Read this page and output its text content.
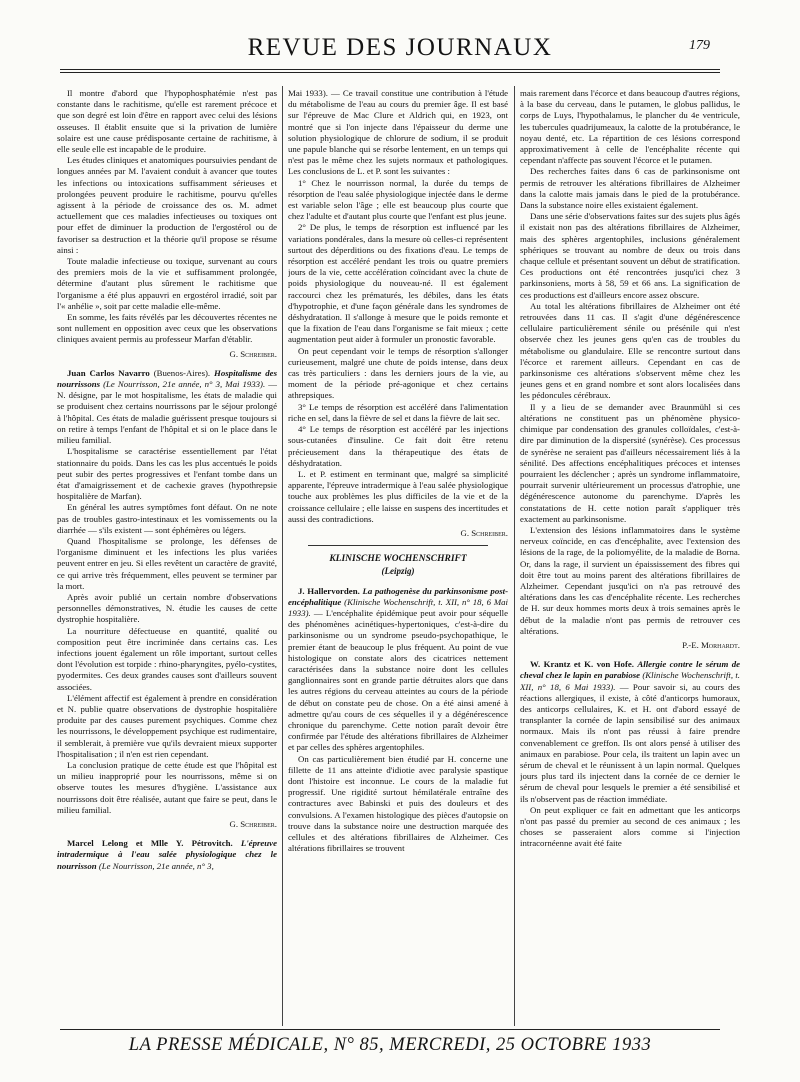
REVUE DES JOURNAUX	179

Il montre d'abord que l'hypophosphatémie n'est pas constante dans le rachitisme, qu'elle est rarement précoce et que son degré est loin d'être en rapport avec celui des lésions osseuses. Il établit ensuite que si la privation de lumière solaire est une cause prédisposante certaine de rachitisme, à elle seule elle est incapable de le produire.

Les études cliniques et anatomiques poursuivies pendant de longues années par M. l'avaient conduit à avancer que toutes les infections ou intoxications suffisamment sérieuses et prolongées peuvent produire le rachitisme, pourvu qu'elles agissent à la période de croissance des os. M. admet actuellement que ces maladies infectieuses ou toxiques ont pour effet de diminuer la production de l'ergostérol ou de favoriser sa destruction et la théorie qu'il propose se résume ainsi :

Toute maladie infectieuse ou toxique, survenant au cours des premiers mois de la vie et suffisamment prolongée, détermine d'autant plus sûrement le rachitisme que l'organisme a été plus appauvri en ergostérol irradié, soit par l'« anhélie », soit par cette maladie elle-même.

En somme, les faits révélés par les découvertes récentes ne sont nullement en opposition avec ceux que les observations cliniques avaient permis au professeur Marfan d'établir.

G. Schreiber.

Juan Carlos Navarro (Buenos-Aires). Hospitalisme des nourrissons (Le Nourrisson, 21e année, n° 3, Mai 1933). — N. désigne, par le mot hospitalisme, les états de maladie qui se produisent chez certains nourrissons par le séjour prolongé à l'hôpital. Ces états de maladie guérissent presque toujours si on retire à temps l'enfant de l'hôpital et si on le place dans le milieu familial.

L'hospitalisme se caractérise essentiellement par l'état stationnaire du poids. Dans les cas les plus accentués le poids peut subir des pertes progressives et l'enfant tombe dans un état d'amaigrissement et de cachexie graves (hypothrepsie hospitalière de Marfan).

En général les autres symptômes font défaut. On ne note pas de troubles gastro-intestinaux et les vomissements ou la diarrhée — s'ils existent — sont éphémères ou légers.

Quand l'hospitalisme se prolonge, les défenses de l'organisme diminuent et les infections les plus variées peuvent entrer en jeu. Si elles revêtent un caractère de gravité, ce qui arrive très fréquemment, elles peuvent se terminer par la mort.

Après avoir publié un certain nombre d'observations personnelles démonstratives, N. étudie les causes de cette dystrophie hospitalière.

La nourriture défectueuse en quantité, qualité ou composition peut être incriminée dans certains cas. Les infections jouent également un rôle important, surtout celles dont l'évolution est torpide : rhino-pharyngites, pyélo-cystites, pyodermites. Ces deux grandes causes sont d'ailleurs souvent associées.

L'élément affectif est également à prendre en considération et N. publie quatre observations de dystrophie hospitalière produite par des causes purement psychiques. Comme chez les nourrissons, le développement psychique est rudimentaire, il semblerait, à première vue qu'ils devraient mieux supporter l'hospitalisation ; il n'en est rien cependant.

La conclusion pratique de cette étude est que l'hôpital est un milieu inapproprié pour les nourrissons, même si on observe toutes les mesures d'hygiène. L'assistance aux nourrissons doit être réalisée, autant que faire se peut, dans le milieu familial.

G. Schreiber.

Marcel Lelong et Mlle Y. Pétrovitch. L'épreuve intradermique à l'eau salée physiologique chez le nourrisson (Le Nourrisson, 21e année, n° 3,

Mai 1933). — Ce travail constitue une contribution à l'étude du métabolisme de l'eau au cours du premier âge. Il est basé sur l'épreuve de Mac Clure et Aldrich qui, en 1923, ont montré que si l'on injecte dans l'épaisseur du derme une solution physiologique de chlorure de sodium, il se produit une papule blanche qui se résorbe lentement, en un temps qui n'est pas le même chez les sujets normaux et pathologiques. Les conclusions de L. et P. sont les suivantes :

1° Chez le nourrisson normal, la durée du temps de résorption de l'eau salée physiologique injectée dans le derme est variable selon l'âge ; elle est beaucoup plus courte que chez l'adulte et d'autant plus courte que l'enfant est plus jeune.

2° De plus, le temps de résorption est influencé par les variations pondérales, dans la mesure où celles-ci représentent surtout des déperditions ou des fixations d'eau. Le temps de résorption est accéléré pendant les trois ou quatre premiers jours de la vie, cette accélération coïncidant avec la chute de poids physiologique du nouveau-né. Il est également raccourci chez les prématurés, les débiles, dans les états d'hypotrophie, et d'une façon générale dans les syndromes de déshydratation. Il s'allonge à mesure que le poids remonte et que la fixation de l'eau dans l'organisme se fait mieux ; cette augmentation peut aider à formuler un pronostic favorable.

On peut cependant voir le temps de résorption s'allonger curieusement, malgré une chute de poids intense, dans deux cas très particuliers : dans les derniers jours de la vie, au moment de la période pré-agonique et chez certains athrepsiques.

3° Le temps de résorption est accéléré dans l'alimentation riche en sel, dans la fièvre de sel et dans la fièvre de lait sec.

4° Le temps de résorption est accéléré par les injections sous-cutanées d'insuline. Ce fait doit être retenu précieusement dans la thérapeutique des états de déshydratation.

L. et P. estiment en terminant que, malgré sa simplicité apparente, l'épreuve intradermique à l'eau salée physiologique touche aux problèmes les plus difficiles de la vie et de la croissance cellulaire ; elle laisse en suspens des incertitudes et aussi des contradictions.

G. Schreiber.

KLINISCHE WOCHENSCHRIFT
(Leipzig)

J. Hallervorden. La pathogenèse du parkinsonisme post-encéphalitique (Klinische Wochenschrift, t. XII, n° 18, 6 Mai 1933). — L'encéphalite épidémique peut avoir pour séquelle des phénomènes acinétiques-hypertoniques, c'est-à-dire du parkinsonisme ou un syndrome pseudo-psychopathique, le premier étant de beaucoup le plus fréquent. Au point de vue histologique on constate alors des cicatrices nettement caractérisées dans la substance noire dont les cellules ganglionnaires sont en grande partie détruites alors que dans les autres régions du cerveau atteintes au cours de la période de début on constate peu de chose. On a été ainsi amené à admettre qu'au cours de ces séquelles il y a dégénérescence chronique du parenchyme. Cette notion paraît devoir être confirmée par l'étude des altérations fibrillaires de Alzheimer et par celles des sphères argentophiles.

On cas particulièrement bien étudié par H. concerne une fillette de 11 ans atteinte d'idiotie avec paralysie spastique dont l'histoire est inconnue. Le cours de la maladie fut progressif. Une rigidité surtout hémilatérale entraîne des contractures avec Babinski et puis des douleurs et des convulsions. A l'examen histologique des pièces d'autopsie on trouve dans la substance noire une destruction marquée des cellules et des altérations fibrillaires de Alzheimer. Ces altérations fibrillaires se trouvent

mais rarement dans l'écorce et dans beaucoup d'autres régions, à la base du cerveau, dans le putamen, le globus pallidus, le corps de Luys, l'hypothalamus, le plancher du 4e ventricule, les tubercules quadrijumeaux, la calotte de la protubérance, le noyau denté, etc. La répartition de ces lésions correspond approximativement à celle de l'encéphalite récente qui cependant n'affecte pas souvent l'écorce et le putamen.

Des recherches faites dans 6 cas de parkinsonisme ont permis de retrouver les altérations fibrillaires de Alzheimer dans la calotte mais jamais dans le pied de la protubérance. Dans la substance noire elles existaient également.

Dans une série d'observations faites sur des sujets plus âgés il existait non pas des altérations fibrillaires de Alzheimer, mais des sphères argentophiles, inclusions généralement sphériques se trouvant au nombre de deux ou trois dans chaque cellule et présentant souvent un début de stratification. Ces productions ont été rencontrées jusqu'ici chez 3 parkinsoniens, morts à 58, 59 et 66 ans. La signification de ces productions est d'ailleurs encore assez obscure.

Au total les altérations fibrillaires de Alzheimer ont été retrouvées dans 11 cas. Il s'agit d'une dégénérescence cellulaire particulièrement sénile ou présénile qui n'est observée chez les jeunes gens qu'en cas de troubles du métabolisme ou glandulaire. Elle se rencontre surtout dans l'écorce et rarement ailleurs. Cependant en cas de parkinsonisme ces altérations s'observent même chez les jeunes gens et en grand nombre et sont alors localisées dans les pédoncules cérébraux.

Il y a lieu de se demander avec Braunmühl si ces altérations ne constituent pas un phénomène physico-chimique par condensation des granules colloïdales, c'est-à-dire par diminution de la dispersité (synérèse). Ces processus de synérèse ne seraient pas d'ailleurs nécessairement liés à la sénilité. Des affections encéphalitiques précoces et intenses pourraient les déclencher ; après un syndrome inflammatoire, pourrait survenir ultérieurement un processus d'atrophie, une dégénérescence autonome du parenchyme. D'après les constatations de H. cette notion paraît s'appliquer très exactement au parkinsonisme.

L'extension des lésions inflammatoires dans le système nerveux coïncide, en cas d'encéphalite, avec l'extension des lésions de la rage, de la poliomyélite, de la maladie de Borna. Or, dans la rage, il survient un épaississement des fibres qui doit être tout au moins parent des altérations fibrillaires de Alzheimer. Cependant jusqu'ici on n'a pas retrouvé des altérations dans les cas d'encéphalite récente. Les recherches de H. sur deux hommes morts deux à trois semaines après le début de la maladie n'ont pas permis de retrouver ces altérations.

P.-E. Morhardt.

W. Krantz et K. von Hofe. Allergie contre le sérum de cheval chez le lapin en parabiose (Klinische Wochenschrift, t. XII, n° 18, 6 Mai 1933). — Pour savoir si, au cours des réactions allergiques, il existe, à côté d'anticorps humoraux, des anticorps cellulaires, K. et H. ont d'abord essayé de transplanter la cornée de lapin sensibilisé sur des animaux normaux. Mais ils n'ont pas réussi à faire prendre convenablement ce greffon. Ils ont alors pensé à utiliser des animaux en parabiose. Pour cela, ils traitent un lapin avec un sérum de cheval et le réunissent à un lapin normal. Quelques jours plus tard ils injectent dans la cornée de ce dernier le sérum de cheval pour lesquels le premier a été sensibilisé et ils n'observent pas de réaction immédiate.

On peut expliquer ce fait en admettant que les anticorps n'ont pas passé du premier au second de ces animaux ; les choses se passeraient alors comme si l'injection intracornéenne avait été faite

LA PRESSE MÉDICALE, N° 85, MERCREDI, 25 OCTOBRE 1933
